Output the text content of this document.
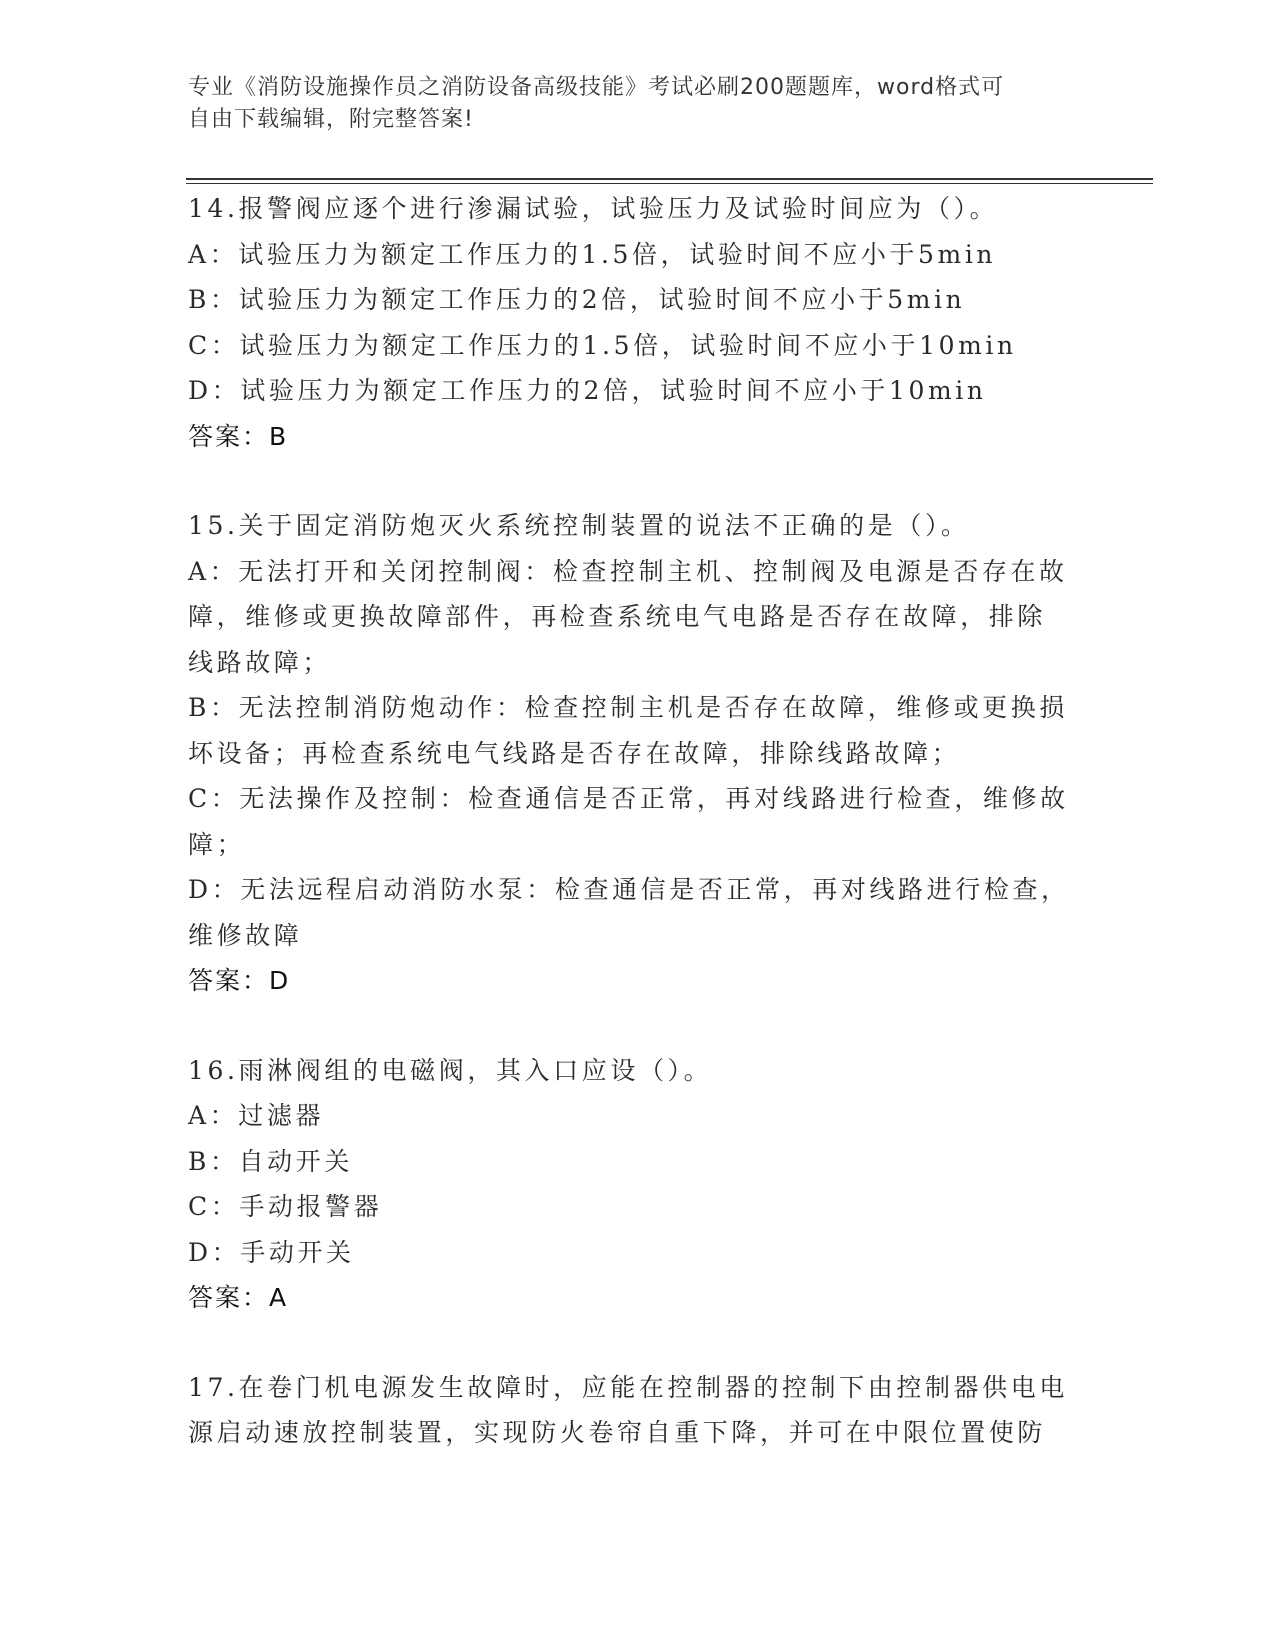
专业《消防设施操作员之消防设备高级技能》考试必刷200题题库，word格式可
自由下载编辑，附完整答案!
14.报警阀应逐个进行渗漏试验，试验压力及试验时间应为（）。
A：试验压力为额定工作压力的1.5倍，试验时间不应小于5min
B：试验压力为额定工作压力的2倍，试验时间不应小于5min
C：试验压力为额定工作压力的1.5倍，试验时间不应小于10min
D：试验压力为额定工作压力的2倍，试验时间不应小于10min
答案：B
15.关于固定消防炮灭火系统控制装置的说法不正确的是（）。
A：无法打开和关闭控制阀：检查控制主机、控制阀及电源是否存在故
障，维修或更换故障部件，再检查系统电气电路是否存在故障，排除
线路故障；
B：无法控制消防炮动作：检查控制主机是否存在故障，维修或更换损
坏设备；再检查系统电气线路是否存在故障，排除线路故障；
C：无法操作及控制：检查通信是否正常，再对线路进行检查，维修故
障；
D：无法远程启动消防水泵：检查通信是否正常，再对线路进行检查，
维修故障
答案：D
16.雨淋阀组的电磁阀，其入口应设（）。
A：过滤器
B：自动开关
C：手动报警器
D：手动开关
答案：A
17.在卷门机电源发生故障时，应能在控制器的控制下由控制器供电电
源启动速放控制装置，实现防火卷帘自重下降，并可在中限位置使防
